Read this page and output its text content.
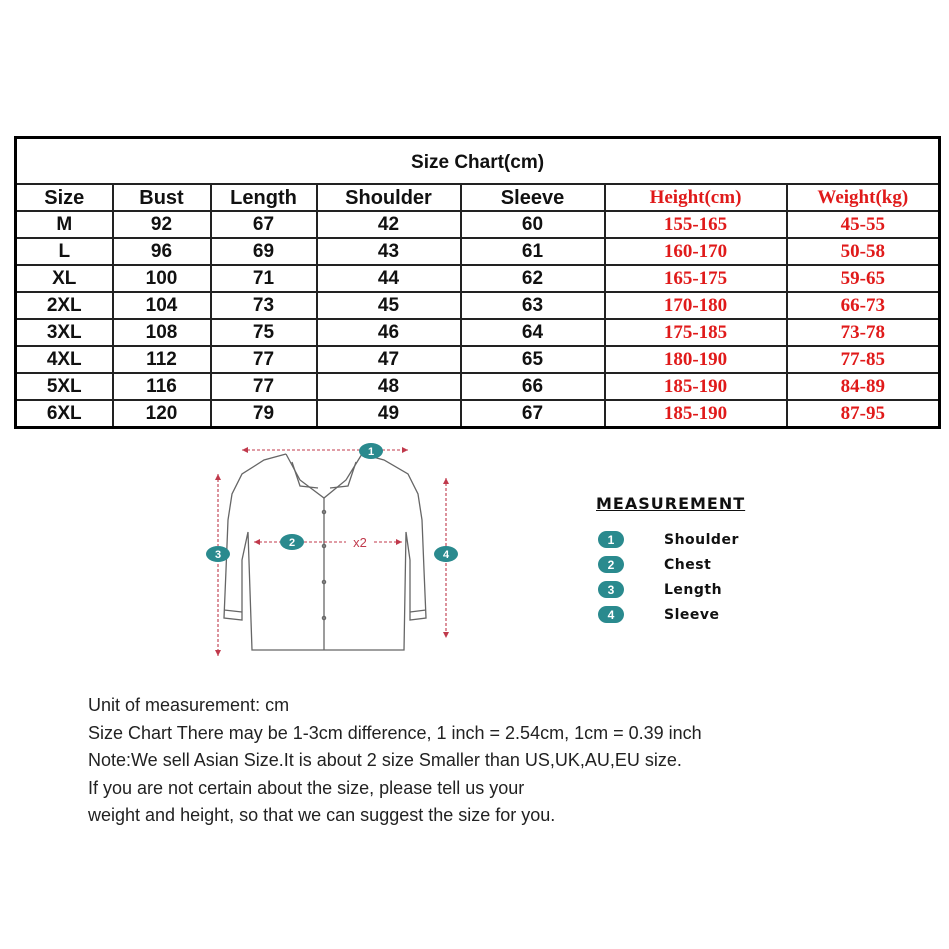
Size Chart(cm)						
Size	Bust	Length	Shoulder	Sleeve	Height(cm)	Weight(kg)
M	92	67	42	60	155-165	45-55
L	96	69	43	61	160-170	50-58
XL	100	71	44	62	165-175	59-65
2XL	104	73	45	63	170-180	66-73
3XL	108	75	46	64	175-185	73-78
4XL	112	77	47	65	180-190	77-85
5XL	116	77	48	66	185-190	84-89
6XL	120	79	49	67	185-190	87-95
1
2	x2
3	4
MEASUREMENT
1	Shoulder
2	Chest
3	Length
4	Sleeve
Unit of measurement: cm
Size Chart There may be 1-3cm difference, 1 inch = 2.54cm, 1cm = 0.39 inch
Note:We sell Asian Size.It is about 2 size Smaller than US,UK,AU,EU size.
If you are not certain about the size, please tell us your
weight and height, so that we can suggest the size for you.
